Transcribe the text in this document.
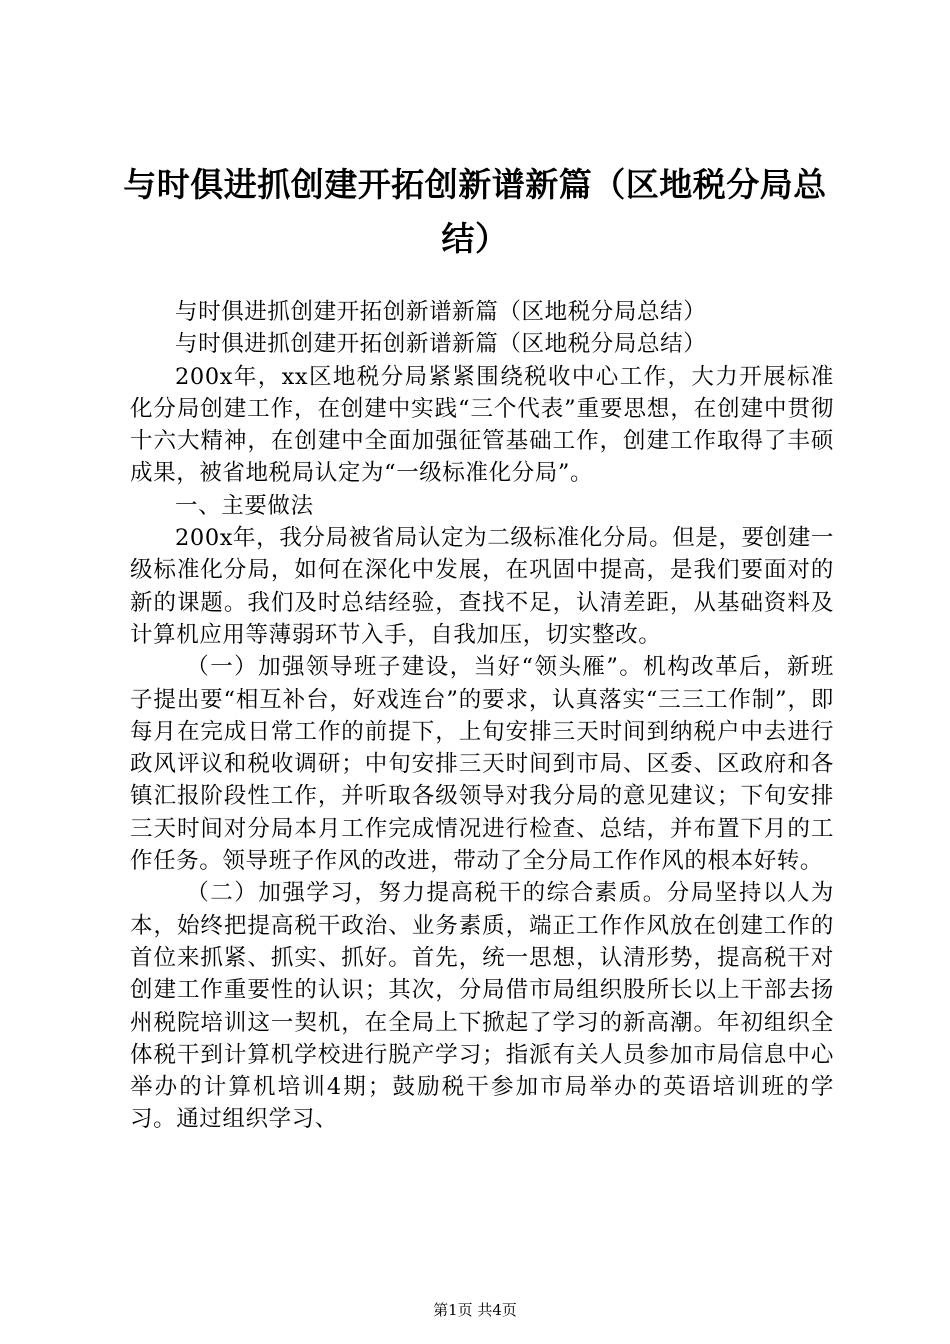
与时俱进抓创建开拓创新谱新篇（区地税分局总结）

与时俱进抓创建开拓创新谱新篇（区地税分局总结）

与时俱进抓创建开拓创新谱新篇（区地税分局总结）

200x年，xx区地税分局紧紧围绕税收中心工作，大力开展标准化分局创建工作，在创建中实践“三个代表”重要思想，在创建中贯彻十六大精神，在创建中全面加强征管基础工作，创建工作取得了丰硕成果，被省地税局认定为“一级标准化分局”。

一、主要做法

200x年，我分局被省局认定为二级标准化分局。但是，要创建一级标准化分局，如何在深化中发展，在巩固中提高，是我们要面对的新的课题。我们及时总结经验，查找不足，认清差距，从基础资料及计算机应用等薄弱环节入手，自我加压，切实整改。

（一）加强领导班子建设，当好“领头雁”。机构改革后，新班子提出要“相互补台，好戏连台”的要求，认真落实“三三工作制”，即每月在完成日常工作的前提下，上旬安排三天时间到纳税户中去进行政风评议和税收调研；中旬安排三天时间到市局、区委、区政府和各镇汇报阶段性工作，并听取各级领导对我分局的意见建议；下旬安排三天时间对分局本月工作完成情况进行检查、总结，并布置下月的工作任务。领导班子作风的改进，带动了全分局工作作风的根本好转。

（二）加强学习，努力提高税干的综合素质。分局坚持以人为本，始终把提高税干政治、业务素质，端正工作作风放在创建工作的首位来抓紧、抓实、抓好。首先，统一思想，认清形势，提高税干对创建工作重要性的认识；其次，分局借市局组织股所长以上干部去扬州税院培训这一契机，在全局上下掀起了学习的新高潮。年初组织全体税干到计算机学校进行脱产学习；指派有关人员参加市局信息中心举办的计算机培训4期；鼓励税干参加市局举办的英语培训班的学习。通过组织学习、

第1页 共4页
